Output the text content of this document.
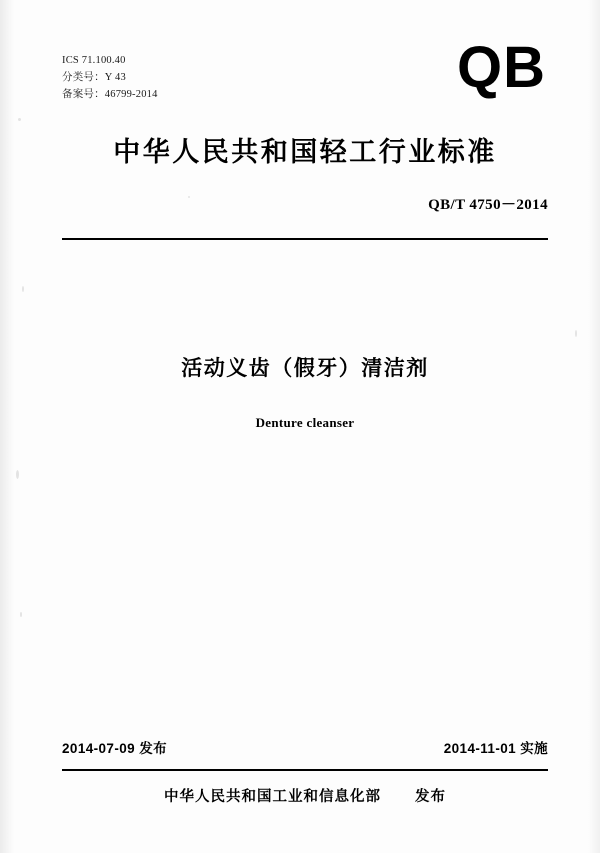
ICS 71.100.40
分类号：Y 43
备案号：46799-2014	QB
中华人民共和国轻工行业标准
QB/T 4750－2014
活动义齿（假牙）清洁剂
Denture cleanser
2014-07-09 发布	2014-11-01 实施
中华人民共和国工业和信息化部 发布
